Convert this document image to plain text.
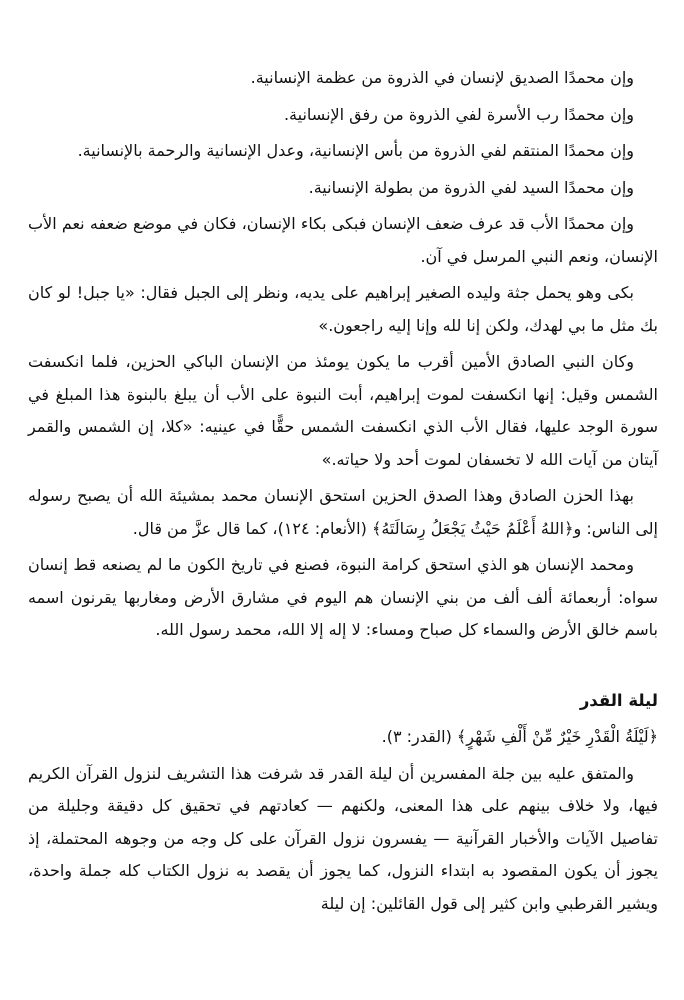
وإن محمدًا الصديق لإنسان في الذروة من عظمة الإنسانية.

وإن محمدًا رب الأسرة لفي الذروة من رفق الإنسانية.

وإن محمدًا المنتقم لفي الذروة من بأس الإنسانية، وعدل الإنسانية والرحمة بالإنسانية.

وإن محمدًا السيد لفي الذروة من بطولة الإنسانية.

وإن محمدًا الأب قد عرف ضعف الإنسان فبكى بكاء الإنسان، فكان في موضع ضعفه نعم الأب الإنسان، ونعم النبي المرسل في آن.

بكى وهو يحمل جثة وليده الصغير إبراهيم على يديه، ونظر إلى الجبل فقال: «يا جبل! لو كان بك مثل ما بي لهدك، ولكن إنا لله وإنا إليه راجعون.»

وكان النبي الصادق الأمين أقرب ما يكون يومئذ من الإنسان الباكي الحزين، فلما انكسفت الشمس وقيل: إنها انكسفت لموت إبراهيم، أبت النبوة على الأب أن يبلغ بالبنوة هذا المبلغ في سورة الوجد عليها، فقال الأب الذي انكسفت الشمس حقًّا في عينيه: «كلا، إن الشمس والقمر آيتان من آيات الله لا تخسفان لموت أحد ولا حياته.»

بهذا الحزن الصادق وهذا الصدق الحزين استحق الإنسان محمد بمشيئة الله أن يصبح رسوله إلى الناس: و﴿اللهُ أَعْلَمُ حَيْثُ يَجْعَلُ رِسَالَتَهُ﴾ (الأنعام: ١٢٤)، كما قال عزَّ من قال.

ومحمد الإنسان هو الذي استحق كرامة النبوة، فصنع في تاريخ الكون ما لم يصنعه قط إنسان سواه: أربعمائة ألف ألف من بني الإنسان هم اليوم في مشارق الأرض ومغاربها يقرنون اسمه باسم خالق الأرض والسماء كل صباح ومساء: لا إله إلا الله، محمد رسول الله.

ليلة القدر

﴿لَيْلَةُ الْقَدْرِ خَيْرٌ مِّنْ أَلْفِ شَهْرٍ﴾ (القدر: ٣).

والمتفق عليه بين جلة المفسرين أن ليلة القدر قد شرفت هذا التشريف لنزول القرآن الكريم فيها، ولا خلاف بينهم على هذا المعنى، ولكنهم — كعادتهم في تحقيق كل دقيقة وجليلة من تفاصيل الآيات والأخبار القرآنية — يفسرون نزول القرآن على كل وجه من وجوهه المحتملة، إذ يجوز أن يكون المقصود به ابتداء النزول، كما يجوز أن يقصد به نزول الكتاب كله جملة واحدة، ويشير القرطبي وابن كثير إلى قول القائلين: إن ليلة
